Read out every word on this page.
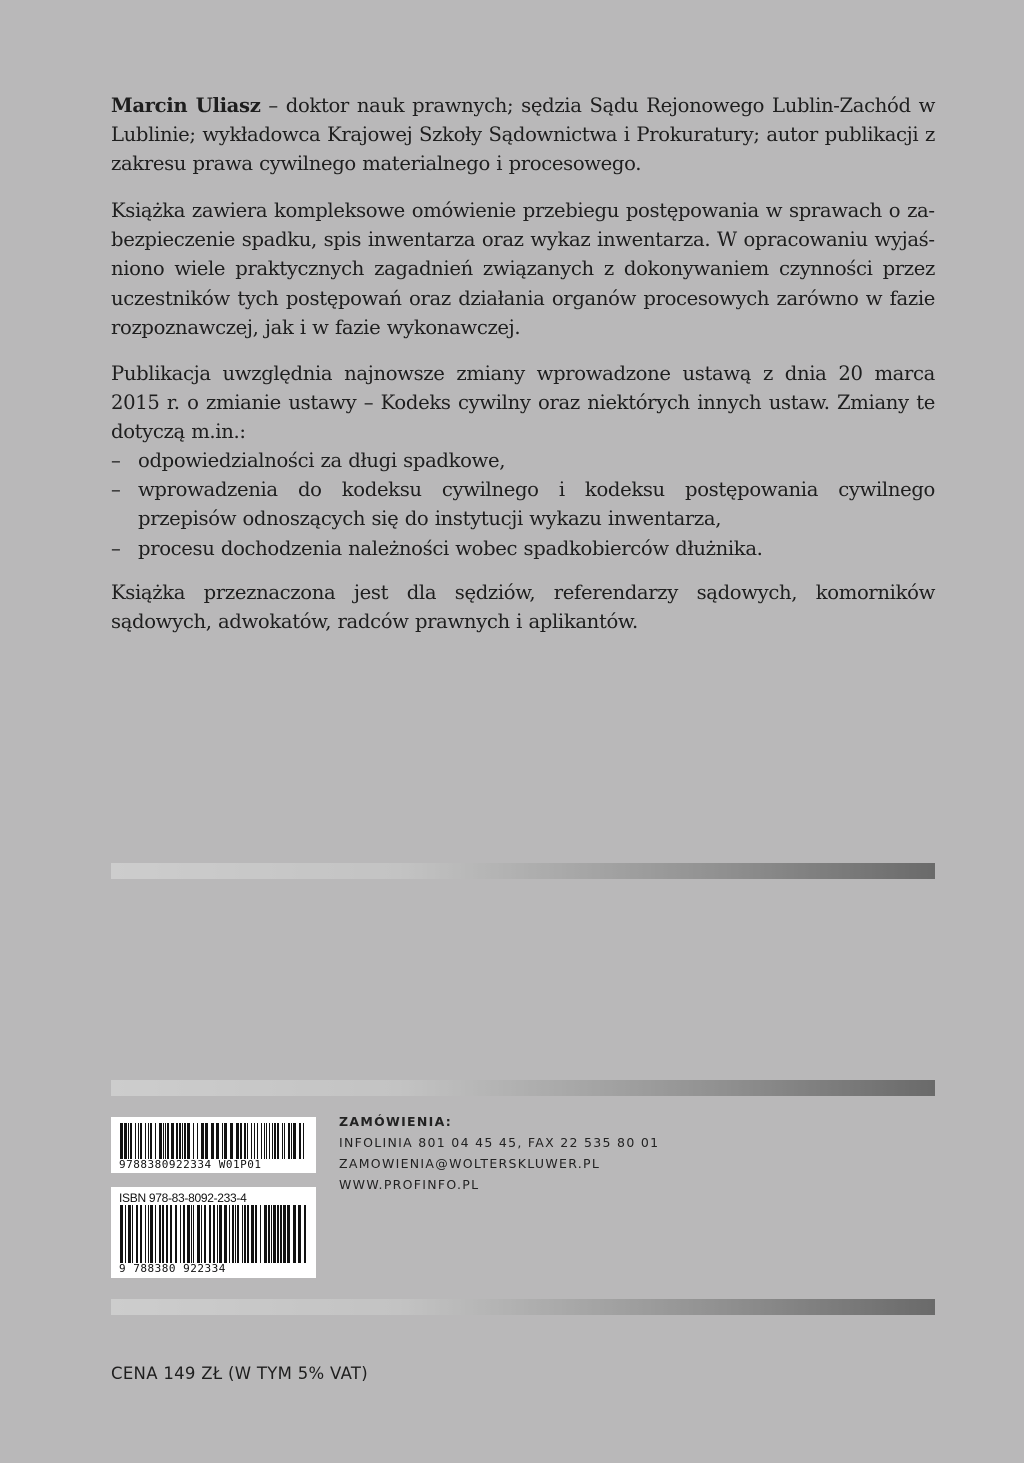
Marcin Uliasz – doktor nauk prawnych; sędzia Sądu Rejonowego Lublin-Zachód w Lublinie; wykładowca Krajowej Szkoły Sądownictwa i Prokuratury; autor publikacji z zakresu prawa cywilnego materialnego i procesowego.

Książka zawiera kompleksowe omówienie przebiegu postępowania w sprawach o zabezpieczenie spadku, spis inwentarza oraz wykaz inwentarza. W opracowaniu wyjaśniono wiele praktycznych zagadnień związanych z dokonywaniem czynności przez uczestników tych postępowań oraz działania organów procesowych zarówno w fazie rozpoznawczej, jak i w fazie wykonawczej.

Publikacja uwzględnia najnowsze zmiany wprowadzone ustawą z dnia 20 marca 2015 r. o zmianie ustawy – Kodeks cywilny oraz niektórych innych ustaw. Zmiany te dotyczą m.in.:

– odpowiedzialności za długi spadkowe,
– wprowadzenia do kodeksu cywilnego i kodeksu postępowania cywilnego przepisów odnoszących się do instytucji wykazu inwentarza,
– procesu dochodzenia należności wobec spadkobierców dłużnika.

Książka przeznaczona jest dla sędziów, referendarzy sądowych, komorników sądowych, adwokatów, radców prawnych i aplikantów.

9788380922334 W01P01
ISBN 978-83-8092-233-4
9 788380 922334
ZAMÓWIENIA:
INFOLINIA 801 04 45 45, FAX 22 535 80 01
ZAMOWIENIA@WOLTERSKLUWER.PL
WWW.PROFINFO.PL
CENA 149 ZŁ (W TYM 5% VAT)
